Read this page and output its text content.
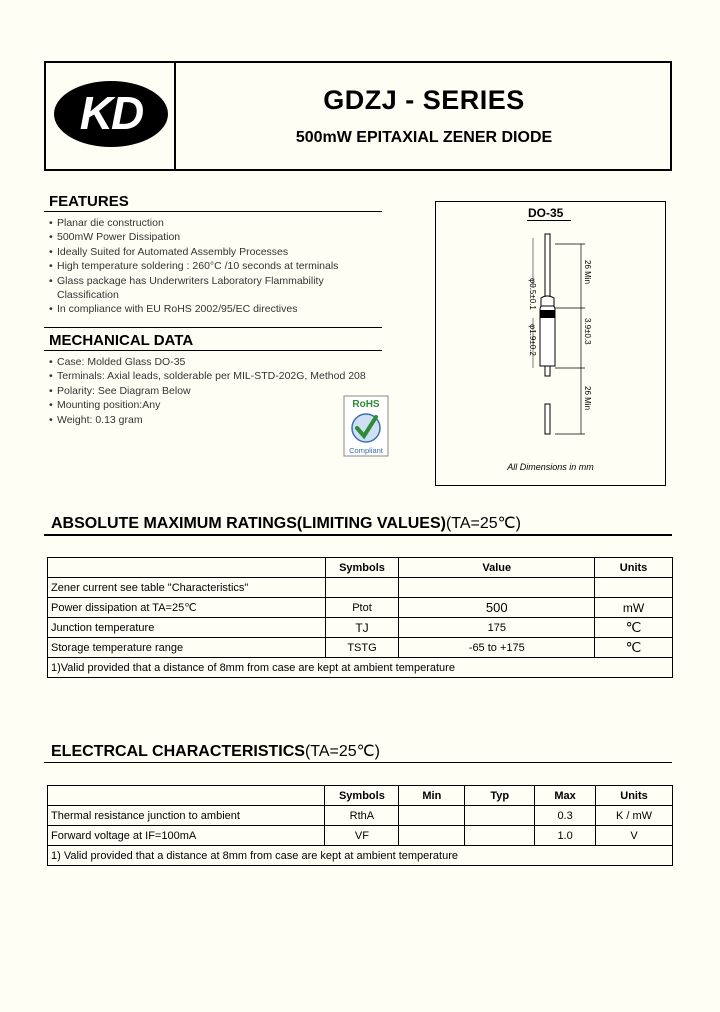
KD	GDZJ - SERIES
500mW EPITAXIAL ZENER DIODE
FEATURES
• Planar die construction
• 500mW Power Dissipation
• Ideally Suited for Automated Assembly Processes
• High temperature soldering : 260°C /10 seconds at terminals
• Glass package has Underwriters Laboratory Flammability Classification
• In compliance with EU RoHS 2002/95/EC directives
MECHANICAL DATA
• Case: Molded Glass DO-35
• Terminals: Axial leads, solderable per MIL-STD-202G, Method 208
• Polarity: See Diagram Below
• Mounting position:Any
• Weight: 0.13 gram
RoHS
Compliant
DO-35
φ0.5±0.1
φ1.9±0.2
26 Min
3.9±0.3
26 Min
All Dimensions in mm
ABSOLUTE MAXIMUM RATINGS(LIMITING VALUES)(TA=25℃)
	Symbols	Value	Units
Zener current see table "Characteristics"			
Power dissipation at TA=25℃	Ptot	500	mW
Junction temperature	TJ	175	℃
Storage temperature range	TSTG	-65 to +175	℃
1)Valid provided that a distance of 8mm from case are kept at ambient temperature			
ELECTRCAL CHARACTERISTICS(TA=25℃)
	Symbols	Min	Typ	Max	Units
Thermal resistance junction to ambient	RthA			0.3	K / mW
Forward voltage at IF=100mA	VF			1.0	V
1) Valid provided that a distance at 8mm from case are kept at ambient temperature					
